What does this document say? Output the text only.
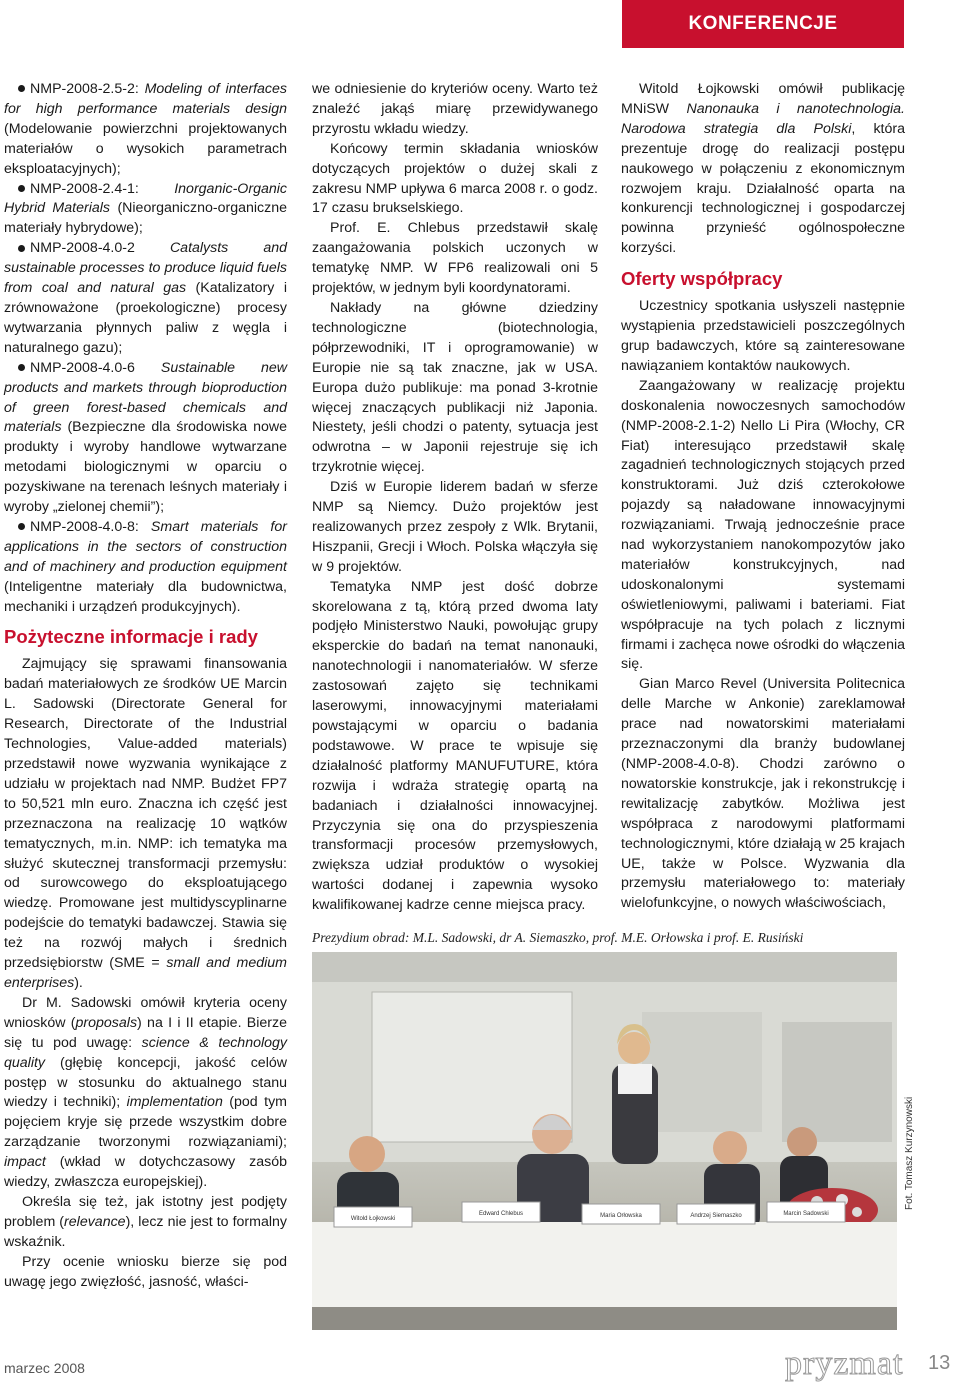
KONFERENCJE

NMP-2008-2.5-2: Modeling of interfaces for high performance materials design (Modelowanie powierzchni projektowanych materiałów o wysokich parametrach eksploatacyjnych);

NMP-2008-2.4-1: Inorganic-Organic Hybrid Materials (Nieorganiczno-organiczne materiały hybrydowe);

NMP-2008-4.0-2 Catalysts and sustainable processes to produce liquid fuels from coal and natural gas (Katalizatory i zrównoważone (proekologiczne) procesy wytwarzania płynnych paliw z węgla i naturalnego gazu);

NMP-2008-4.0-6 Sustainable new products and markets through bioproduction of green forest-based chemicals and materials (Bezpieczne dla środowiska nowe produkty i wyroby handlowe wytwarzane metodami biologicznymi w oparciu o pozyskiwane na terenach leśnych materiały i wyroby „zielonej chemii”);

NMP-2008-4.0-8: Smart materials for applications in the sectors of construction and of machinery and production equipment (Inteligentne materiały dla budownictwa, mechaniki i urządzeń produkcyjnych).

Pożyteczne informacje i rady

Zajmujący się sprawami finansowania badań materiałowych ze środków UE Marcin L. Sadowski (Directorate General for Research, Directorate of the Industrial Technologies, Value-added materials) przedstawił nowe wyzwania wynikające z udziału w projektach nad NMP. Budżet FP7 to 50,521 mln euro. Znaczna ich część jest przeznaczona na realizację 10 wątków tematycznych, m.in. NMP: ich tematyka ma służyć skutecznej transformacji przemysłu: od surowcowego do eksploatującego wiedzę. Promowane jest multidyscyplinarne podejście do tematyki badawczej. Stawia się też na rozwój małych i średnich przedsiębiorstw (SME = small and medium enterprises).

Dr M. Sadowski omówił kryteria oceny wniosków (proposals) na I i II etapie. Bierze się tu pod uwagę: science & technology quality (głębię koncepcji, jakość celów postęp w stosunku do aktualnego stanu wiedzy i techniki); implementation (pod tym pojęciem kryje się przede wszystkim dobre zarządzanie tworzonymi rozwiązaniami); impact (wkład w dotychczasowy zasób wiedzy, zwłaszcza europejskiej).

Określa się też, jak istotny jest podjęty problem (relevance), lecz nie jest to formalny wskaźnik.

Przy ocenie wniosku bierze się pod uwagę jego zwięzłość, jasność, właści-

we odniesienie do kryteriów oceny. Warto też znaleźć jakąś miarę przewidywanego przyrostu wkładu wiedzy.

Końcowy termin składania wniosków dotyczących projektów o dużej skali z zakresu NMP upływa 6 marca 2008 r. o godz. 17 czasu brukselskiego.

Prof. E. Chlebus przedstawił skalę zaangażowania polskich uczonych w tematykę NMP. W FP6 realizowali oni 5 projektów, w jednym byli koordynatorami.

Nakłady na główne dziedziny technologiczne (biotechnologia, półprzewodniki, IT i oprogramowanie) w Europie nie są tak znaczne, jak w USA. Europa dużo publikuje: ma ponad 3-krotnie więcej znaczących publikacji niż Japonia. Niestety, jeśli chodzi o patenty, sytuacja jest odwrotna – w Japonii rejestruje się ich trzykrotnie więcej.

Dziś w Europie liderem badań w sferze NMP są Niemcy. Dużo projektów jest realizowanych przez zespoły z Wlk. Brytanii, Hiszpanii, Grecji i Włoch. Polska włączyła się w 9 projektów.

Tematyka NMP jest dość dobrze skorelowana z tą, którą przed dwoma laty podjęło Ministerstwo Nauki, powołując grupy eksperckie do badań na temat nanonauki, nanotechnologii i nanomateriałów. W sferze zastosowań zajęto się technikami laserowymi, innowacyjnymi materiałami powstającymi w oparciu o badania podstawowe. W prace te wpisuje się działalność platformy MANUFUTURE, która rozwija i wdraża strategię opartą na badaniach i działalności innowacyjnej. Przyczynia się ona do przyspieszenia transformacji procesów przemysłowych, zwiększa udział produktów o wysokiej wartości dodanej i zapewnia wysoko kwalifikowanej kadrze cenne miejsca pracy.

Witold Łojkowski omówił publikację MNiSW Nanonauka i nanotechnologia. Narodowa strategia dla Polski, która prezentuje drogę do realizacji postępu naukowego w połączeniu z ekonomicznym rozwojem kraju. Działalność oparta na konkurencji technologicznej i gospodarczej powinna przynieść ogólnospołeczne korzyści.

Oferty współpracy

Uczestnicy spotkania usłyszeli następnie wystąpienia przedstawicieli poszczególnych grup badawczych, które są zainteresowane nawiązaniem kontaktów naukowych.

Zaangażowany w realizację projektu doskonalenia nowoczesnych samochodów (NMP-2008-2.1-2) Nello Li Pira (Włochy, CR Fiat) interesująco przedstawił skalę zagadnień technologicznych stojących przed konstruktorami. Już dziś czterokołowe pojazdy są naładowane innowacyjnymi rozwiązaniami. Trwają jednocześnie prace nad wykorzystaniem nanokompozytów jako materiałów konstrukcyjnych, nad udoskonalonymi systemami oświetleniowymi, paliwami i bateriami. Fiat współpracuje na tych polach z licznymi firmami i zachęca nowe ośrodki do włączenia się.

Gian Marco Revel (Universita Politecnica delle Marche w Ankonie) zareklamował prace nad nowatorskimi materiałami przeznaczonymi dla branży budowlanej (NMP-2008-4.0-8). Chodzi zarówno o nowatorskie konstrukcje, jak i rekonstrukcję i rewitalizację zabytków. Możliwa jest współpraca z narodowymi platformami technologicznymi, które działają w 25 krajach UE, także w Polsce. Wyzwania dla przemysłu materiałowego to: materiały wielofunkcyjne, o nowych właściwościach,

Prezydium obrad: M.L. Sadowski, dr A. Siemaszko, prof. M.E. Orłowska i prof. E. Rusiński
Witold Łojkowski
Edward Chlebus	Maria Orłowska	Andrzej Siemaszko	Marcin Sadowski
Fot. Tomasz Kurzynowski
marzec 2008	pryzmat 13
